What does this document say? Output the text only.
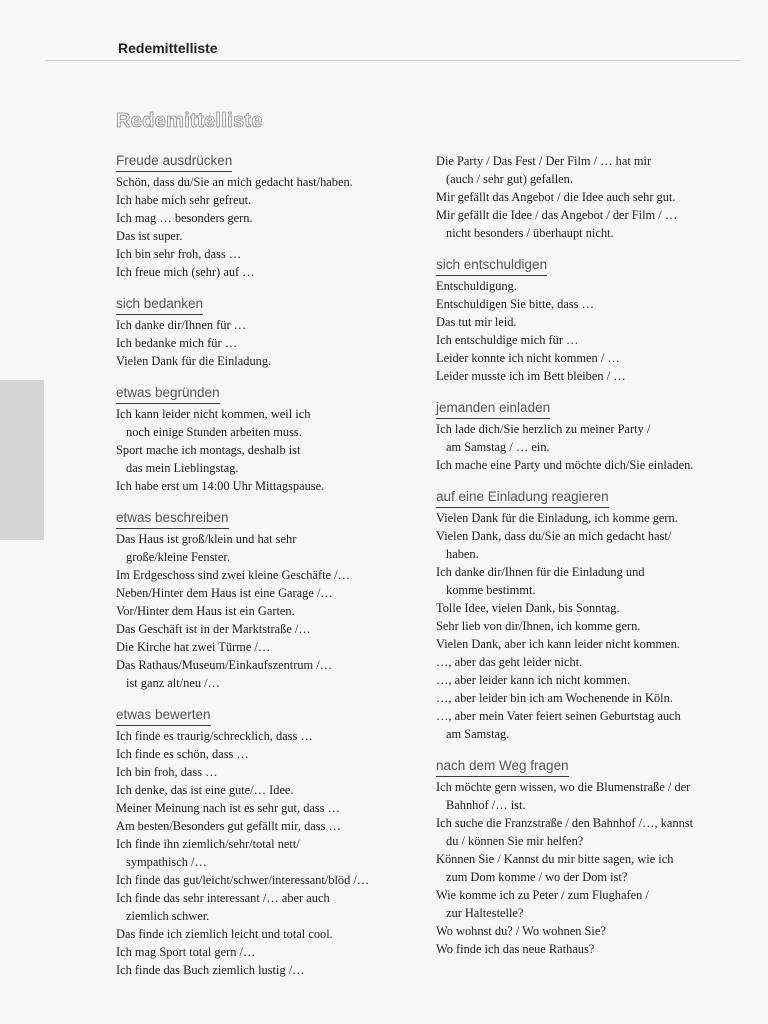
Redemittelliste
Redemittelliste
Freude ausdrücken
Schön, dass du/Sie an mich gedacht hast/haben.
Ich habe mich sehr gefreut.
Ich mag … besonders gern.
Das ist super.
Ich bin sehr froh, dass …
Ich freue mich (sehr) auf …
sich bedanken
Ich danke dir/Ihnen für …
Ich bedanke mich für …
Vielen Dank für die Einladung.
etwas begründen
Ich kann leider nicht kommen, weil ich
noch einige Stunden arbeiten muss.
Sport mache ich montags, deshalb ist
das mein Lieblingstag.
Ich habe erst um 14:00 Uhr Mittagspause.
etwas beschreiben
Das Haus ist groß/klein und hat sehr
große/kleine Fenster.
Im Erdgeschoss sind zwei kleine Geschäfte /…
Neben/Hinter dem Haus ist eine Garage /…
Vor/Hinter dem Haus ist ein Garten.
Das Geschäft ist in der Marktstraße /…
Die Kirche hat zwei Türme /…
Das Rathaus/Museum/Einkaufszentrum /…
ist ganz alt/neu /…
etwas bewerten
Ich finde es traurig/schrecklich, dass …
Ich finde es schön, dass …
Ich bin froh, dass …
Ich denke, das ist eine gute/… Idee.
Meiner Meinung nach ist es sehr gut, dass …
Am besten/Besonders gut gefällt mir, dass …
Ich finde ihn ziemlich/sehr/total nett/
sympathisch /…
Ich finde das gut/leicht/schwer/interessant/blöd /…
Ich finde das sehr interessant /… aber auch
ziemlich schwer.
Das finde ich ziemlich leicht und total cool.
Ich mag Sport total gern /…
Ich finde das Buch ziemlich lustig /…
Die Party / Das Fest / Der Film / … hat mir
(auch / sehr gut) gefallen.
Mir gefällt das Angebot / die Idee auch sehr gut.
Mir gefällt die Idee / das Angebot / der Film / …
nicht besonders / überhaupt nicht.
sich entschuldigen
Entschuldigung.
Entschuldigen Sie bitte, dass …
Das tut mir leid.
Ich entschuldige mich für …
Leider konnte ich nicht kommen / …
Leider musste ich im Bett bleiben / …
jemanden einladen
Ich lade dich/Sie herzlich zu meiner Party /
am Samstag / … ein.
Ich mache eine Party und möchte dich/Sie einladen.
auf eine Einladung reagieren
Vielen Dank für die Einladung, ich komme gern.
Vielen Dank, dass du/Sie an mich gedacht hast/
haben.
Ich danke dir/Ihnen für die Einladung und
komme bestimmt.
Tolle Idee, vielen Dank, bis Sonntag.
Sehr lieb von dir/Ihnen, ich komme gern.
Vielen Dank, aber ich kann leider nicht kommen.
…, aber das geht leider nicht.
…, aber leider kann ich nicht kommen.
…, aber leider bin ich am Wochenende in Köln.
…, aber mein Vater feiert seinen Geburtstag auch
am Samstag.
nach dem Weg fragen
Ich möchte gern wissen, wo die Blumenstraße / der
Bahnhof /… ist.
Ich suche die Franzstraße / den Bahnhof /…, kannst
du / können Sie mir helfen?
Können Sie / Kannst du mir bitte sagen, wie ich
zum Dom komme / wo der Dom ist?
Wie komme ich zu Peter / zum Flughafen /
zur Haltestelle?
Wo wohnst du? / Wo wohnen Sie?
Wo finde ich das neue Rathaus?
